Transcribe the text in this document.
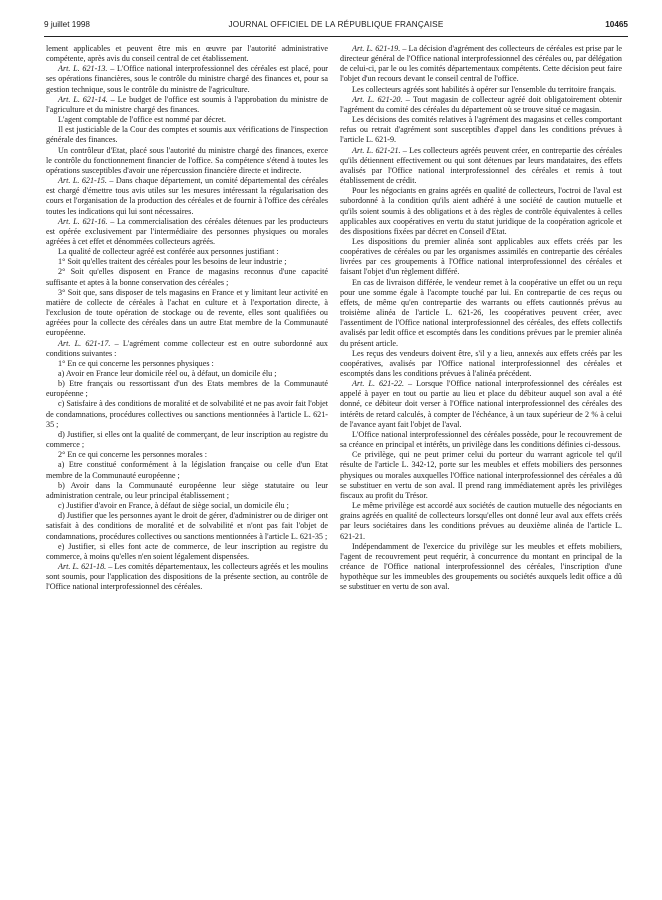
9 juillet 1998	JOURNAL OFFICIEL DE LA RÉPUBLIQUE FRANÇAISE	10465

lement applicables et peuvent être mis en œuvre par l'autorité administrative compétente, après avis du conseil central de cet établissement.

Art. L. 621-13. – L'Office national interprofessionnel des céréales est placé, pour ses opérations financières, sous le contrôle du ministre chargé des finances et, pour sa gestion technique, sous le contrôle du ministre de l'agriculture.

Art. L. 621-14. – Le budget de l'office est soumis à l'approbation du ministre de l'agriculture et du ministre chargé des finances.

L'agent comptable de l'office est nommé par décret.

Il est justiciable de la Cour des comptes et soumis aux vérifications de l'inspection générale des finances.

Un contrôleur d'Etat, placé sous l'autorité du ministre chargé des finances, exerce le contrôle du fonctionnement financier de l'office. Sa compétence s'étend à toutes les opérations susceptibles d'avoir une répercussion financière directe et indirecte.

Art. L. 621-15. – Dans chaque département, un comité départemental des céréales est chargé d'émettre tous avis utiles sur les mesures intéressant la régularisation des cours et l'organisation de la production des céréales et de fournir à l'office des céréales toutes les indications qui lui sont nécessaires.

Art. L. 621-16. – La commercialisation des céréales détenues par les producteurs est opérée exclusivement par l'intermédiaire des personnes physiques ou morales agréées à cet effet et dénommées collecteurs agréés.

La qualité de collecteur agréé est conférée aux personnes justifiant :

1° Soit qu'elles traitent des céréales pour les besoins de leur industrie ;

2° Soit qu'elles disposent en France de magasins reconnus d'une capacité suffisante et aptes à la bonne conservation des céréales ;

3° Soit que, sans disposer de tels magasins en France et y limitant leur activité en matière de collecte de céréales à l'achat en culture et à l'exportation directe, à l'exclusion de toute opération de stockage ou de revente, elles sont qualifiées ou agréées pour la collecte des céréales dans un autre Etat membre de la Communauté européenne.

Art. L. 621-17. – L'agrément comme collecteur est en outre subordonné aux conditions suivantes :

1° En ce qui concerne les personnes physiques :

a) Avoir en France leur domicile réel ou, à défaut, un domicile élu ;

b) Etre français ou ressortissant d'un des Etats membres de la Communauté européenne ;

c) Satisfaire à des conditions de moralité et de solvabilité et ne pas avoir fait l'objet de condamnations, procédures collectives ou sanctions mentionnées à l'article L. 621-35 ;

d) Justifier, si elles ont la qualité de commerçant, de leur inscription au registre du commerce ;

2° En ce qui concerne les personnes morales :

a) Etre constitué conformément à la législation française ou celle d'un Etat membre de la Communauté européenne ;

b) Avoir dans la Communauté européenne leur siège statutaire ou leur administration centrale, ou leur principal établissement ;

c) Justifier d'avoir en France, à défaut de siège social, un domicile élu ;

d) Justifier que les personnes ayant le droit de gérer, d'administrer ou de diriger ont satisfait à des conditions de moralité et de solvabilité et n'ont pas fait l'objet de condamnations, procédures collectives ou sanctions mentionnées à l'article L. 621-35 ;

e) Justifier, si elles font acte de commerce, de leur inscription au registre du commerce, à moins qu'elles n'en soient légalement dispensées.

Art. L. 621-18. – Les comités départementaux, les collecteurs agréés et les moulins sont soumis, pour l'application des dispositions de la présente section, au contrôle de l'Office national interprofessionnel des céréales.

Art. L. 621-19. – La décision d'agrément des collecteurs de céréales est prise par le directeur général de l'Office national interprofessionnel des céréales ou, par délégation de celui-ci, par le ou les comités départementaux compétents. Cette décision peut faire l'objet d'un recours devant le conseil central de l'office.

Les collecteurs agréés sont habilités à opérer sur l'ensemble du territoire français.

Art. L. 621-20. – Tout magasin de collecteur agréé doit obligatoirement obtenir l'agrément du comité des céréales du département où se trouve situé ce magasin.

Les décisions des comités relatives à l'agrément des magasins et celles comportant refus ou retrait d'agrément sont susceptibles d'appel dans les conditions prévues à l'article L. 621-9.

Art. L. 621-21. – Les collecteurs agréés peuvent créer, en contrepartie des céréales qu'ils détiennent effectivement ou qui sont détenues par leurs mandataires, des effets avalisés par l'Office national interprofessionnel des céréales et remis à tout établissement de crédit.

Pour les négociants en grains agréés en qualité de collecteurs, l'octroi de l'aval est subordonné à la condition qu'ils aient adhéré à une société de caution mutuelle et qu'ils soient soumis à des obligations et à des règles de contrôle équivalentes à celles applicables aux coopératives en vertu du statut juridique de la coopération agricole et des dispositions fixées par décret en Conseil d'Etat.

Les dispositions du premier alinéa sont applicables aux effets créés par les coopératives de céréales ou par les organismes assimilés en contrepartie des céréales livrées par ces groupements à l'Office national interprofessionnel des céréales et faisant l'objet d'un règlement différé.

En cas de livraison différée, le vendeur remet à la coopérative un effet ou un reçu pour une somme égale à l'acompte touché par lui. En contrepartie de ces reçus ou effets, de même qu'en contrepartie des warrants ou effets cautionnés prévus au troisième alinéa de l'article L. 621-26, les coopératives peuvent créer, avec l'assentiment de l'Office national interprofessionnel des céréales, des effets collectifs avalisés par ledit office et escomptés dans les conditions prévues par le premier alinéa du présent article.

Les reçus des vendeurs doivent être, s'il y a lieu, annexés aux effets créés par les coopératives, avalisés par l'Office national interprofessionnel des céréales et escomptés dans les conditions prévues à l'alinéa précédent.

Art. L. 621-22. – Lorsque l'Office national interprofessionnel des céréales est appelé à payer en tout ou partie au lieu et place du débiteur auquel son aval a été donné, ce débiteur doit verser à l'Office national interprofessionnel des céréales des intérêts de retard calculés, à compter de l'échéance, à un taux supérieur de 2 % à celui de l'avance ayant fait l'objet de l'aval.

L'Office national interprofessionnel des céréales possède, pour le recouvrement de sa créance en principal et intérêts, un privilège dans les conditions définies ci-dessous.

Ce privilège, qui ne peut primer celui du porteur du warrant agricole tel qu'il résulte de l'article L. 342-12, porte sur les meubles et effets mobiliers des personnes physiques ou morales auxquelles l'Office national interprofessionnel des céréales a dû se substituer en vertu de son aval. Il prend rang immédiatement après les privilèges fiscaux au profit du Trésor.

Le même privilège est accordé aux sociétés de caution mutuelle des négociants en grains agréés en qualité de collecteurs lorsqu'elles ont donné leur aval aux effets créés par leurs sociétaires dans les conditions prévues au deuxième alinéa de l'article L. 621-21.

Indépendamment de l'exercice du privilège sur les meubles et effets mobiliers, l'agent de recouvrement peut requérir, à concurrence du montant en principal de la créance de l'Office national interprofessionnel des céréales, l'inscription d'une hypothèque sur les immeubles des groupements ou sociétés auxquels ledit office a dû se substituer en vertu de son aval.
